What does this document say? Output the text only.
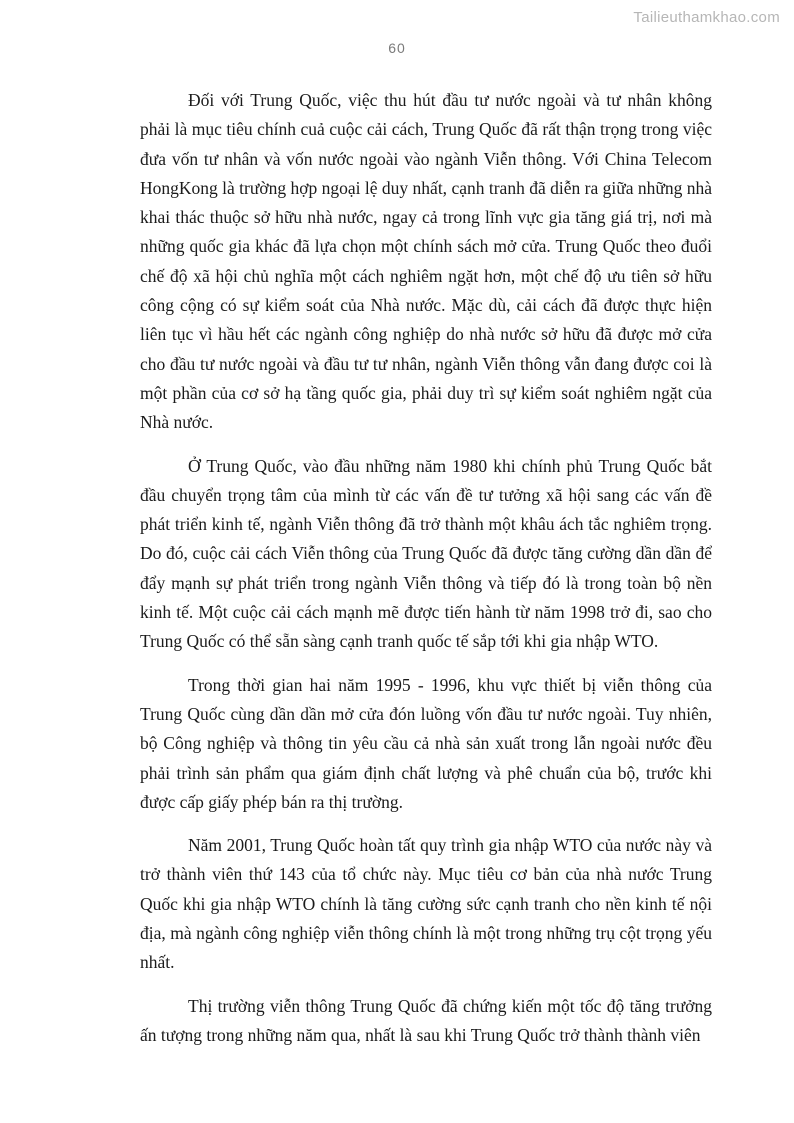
Tailieuthamkhao.com
60

Đối với Trung Quốc, việc thu hút đầu tư nước ngoài và tư nhân không phải là mục tiêu chính cuả cuộc cải cách, Trung Quốc đã rất thận trọng trong việc đưa vốn tư nhân và vốn nước ngoài vào ngành Viễn thông. Với China Telecom HongKong là trường hợp ngoại lệ duy nhất, cạnh tranh đã diễn ra giữa những nhà khai thác thuộc sở hữu nhà nước, ngay cả trong lĩnh vực gia tăng giá trị, nơi mà những quốc gia khác đã lựa chọn một chính sách mở cửa. Trung Quốc theo đuổi chế độ xã hội chủ nghĩa một cách nghiêm ngặt hơn, một chế độ ưu tiên sở hữu công cộng có sự kiểm soát của Nhà nước. Mặc dù, cải cách đã được thực hiện liên tục vì hầu hết các ngành công nghiệp do nhà nước sở hữu đã được mở cửa cho đầu tư nước ngoài và đầu tư tư nhân, ngành Viễn thông vẫn đang được coi là một phần của cơ sở hạ tầng quốc gia, phải duy trì sự kiểm soát nghiêm ngặt của Nhà nước.

Ở Trung Quốc, vào đầu những năm 1980 khi chính phủ Trung Quốc bắt đầu chuyển trọng tâm của mình từ các vấn đề tư tưởng xã hội sang các vấn đề phát triển kinh tế, ngành Viễn thông đã trở thành một khâu ách tắc nghiêm trọng. Do đó, cuộc cải cách Viễn thông của Trung Quốc đã được tăng cường dần dần để đẩy mạnh sự phát triển trong ngành Viễn thông và tiếp đó là trong toàn bộ nền kinh tế. Một cuộc cải cách mạnh mẽ được tiến hành từ năm 1998 trở đi, sao cho Trung Quốc có thể sẵn sàng cạnh tranh quốc tế sắp tới khi gia nhập WTO.

Trong thời gian hai năm 1995 - 1996, khu vực thiết bị viễn thông của Trung Quốc cùng dần dần mở cửa đón luồng vốn đầu tư nước ngoài. Tuy nhiên, bộ Công nghiệp và thông tin yêu cầu cả nhà sản xuất trong lẫn ngoài nước đều phải trình sản phẩm qua giám định chất lượng và phê chuẩn của bộ, trước khi được cấp giấy phép bán ra thị trường.

Năm 2001, Trung Quốc hoàn tất quy trình gia nhập WTO của nước này và trở thành viên thứ 143 của tổ chức này. Mục tiêu cơ bản của nhà nước Trung Quốc khi gia nhập WTO chính là tăng cường sức cạnh tranh cho nền kinh tế nội địa, mà ngành công nghiệp viễn thông chính là một trong những trụ cột trọng yếu nhất.

Thị trường viễn thông Trung Quốc đã chứng kiến một tốc độ tăng trưởng ấn tượng trong những năm qua, nhất là sau khi Trung Quốc trở thành thành viên
